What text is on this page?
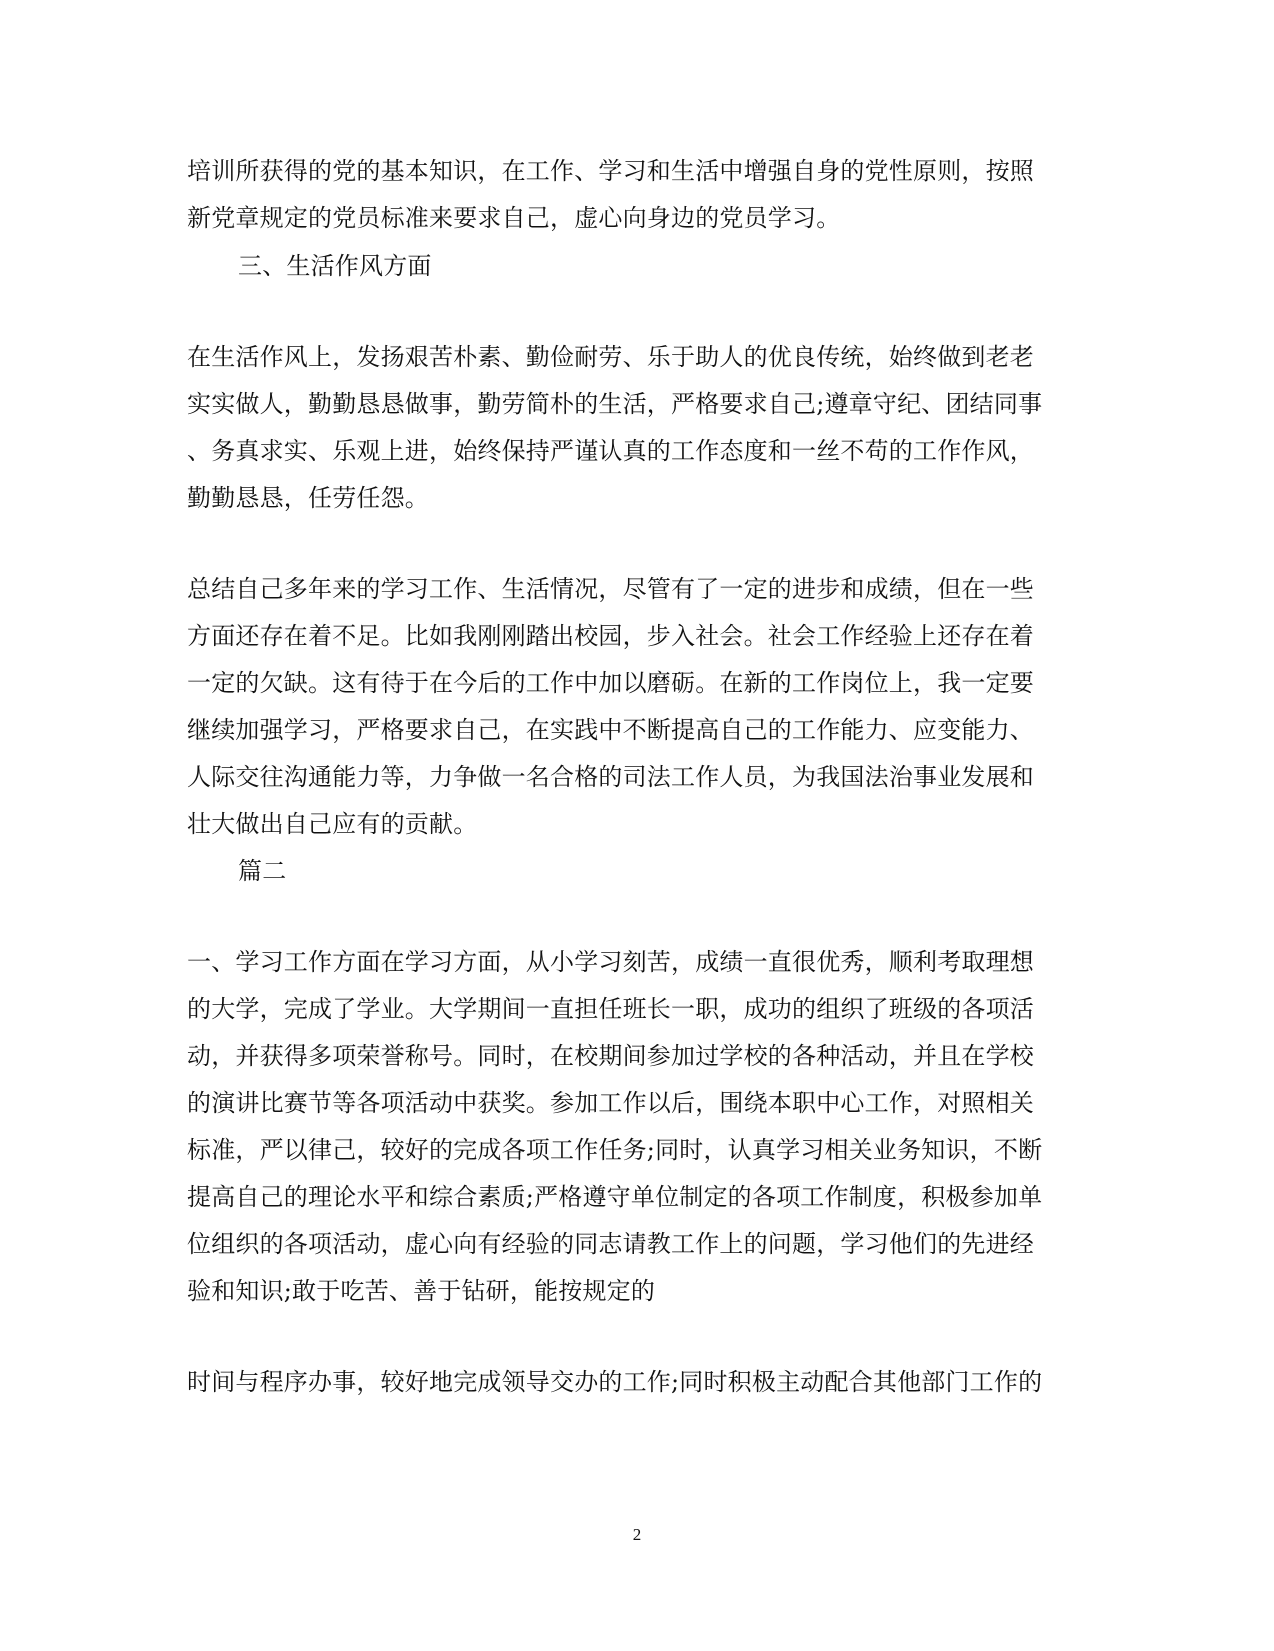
培训所获得的党的基本知识，在工作、学习和生活中增强自身的党性原则，按照

新党章规定的党员标准来要求自己，虚心向身边的党员学习。

三、生活作风方面

在生活作风上，发扬艰苦朴素、勤俭耐劳、乐于助人的优良传统，始终做到老老

实实做人，勤勤恳恳做事，勤劳简朴的生活，严格要求自己;遵章守纪、团结同事

、务真求实、乐观上进，始终保持严谨认真的工作态度和一丝不苟的工作作风，

勤勤恳恳，任劳任怨。

总结自己多年来的学习工作、生活情况，尽管有了一定的进步和成绩，但在一些

方面还存在着不足。比如我刚刚踏出校园，步入社会。社会工作经验上还存在着

一定的欠缺。这有待于在今后的工作中加以磨砺。在新的工作岗位上，我一定要

继续加强学习，严格要求自己，在实践中不断提高自己的工作能力、应变能力、

人际交往沟通能力等，力争做一名合格的司法工作人员，为我国法治事业发展和

壮大做出自己应有的贡献。

篇二

一、学习工作方面在学习方面，从小学习刻苦，成绩一直很优秀，顺利考取理想

的大学，完成了学业。大学期间一直担任班长一职，成功的组织了班级的各项活

动，并获得多项荣誉称号。同时，在校期间参加过学校的各种活动，并且在学校

的演讲比赛节等各项活动中获奖。参加工作以后，围绕本职中心工作，对照相关

标准，严以律己，较好的完成各项工作任务;同时，认真学习相关业务知识，不断

提高自己的理论水平和综合素质;严格遵守单位制定的各项工作制度，积极参加单

位组织的各项活动，虚心向有经验的同志请教工作上的问题，学习他们的先进经

验和知识;敢于吃苦、善于钻研，能按规定的

时间与程序办事，较好地完成领导交办的工作;同时积极主动配合其他部门工作的

2
